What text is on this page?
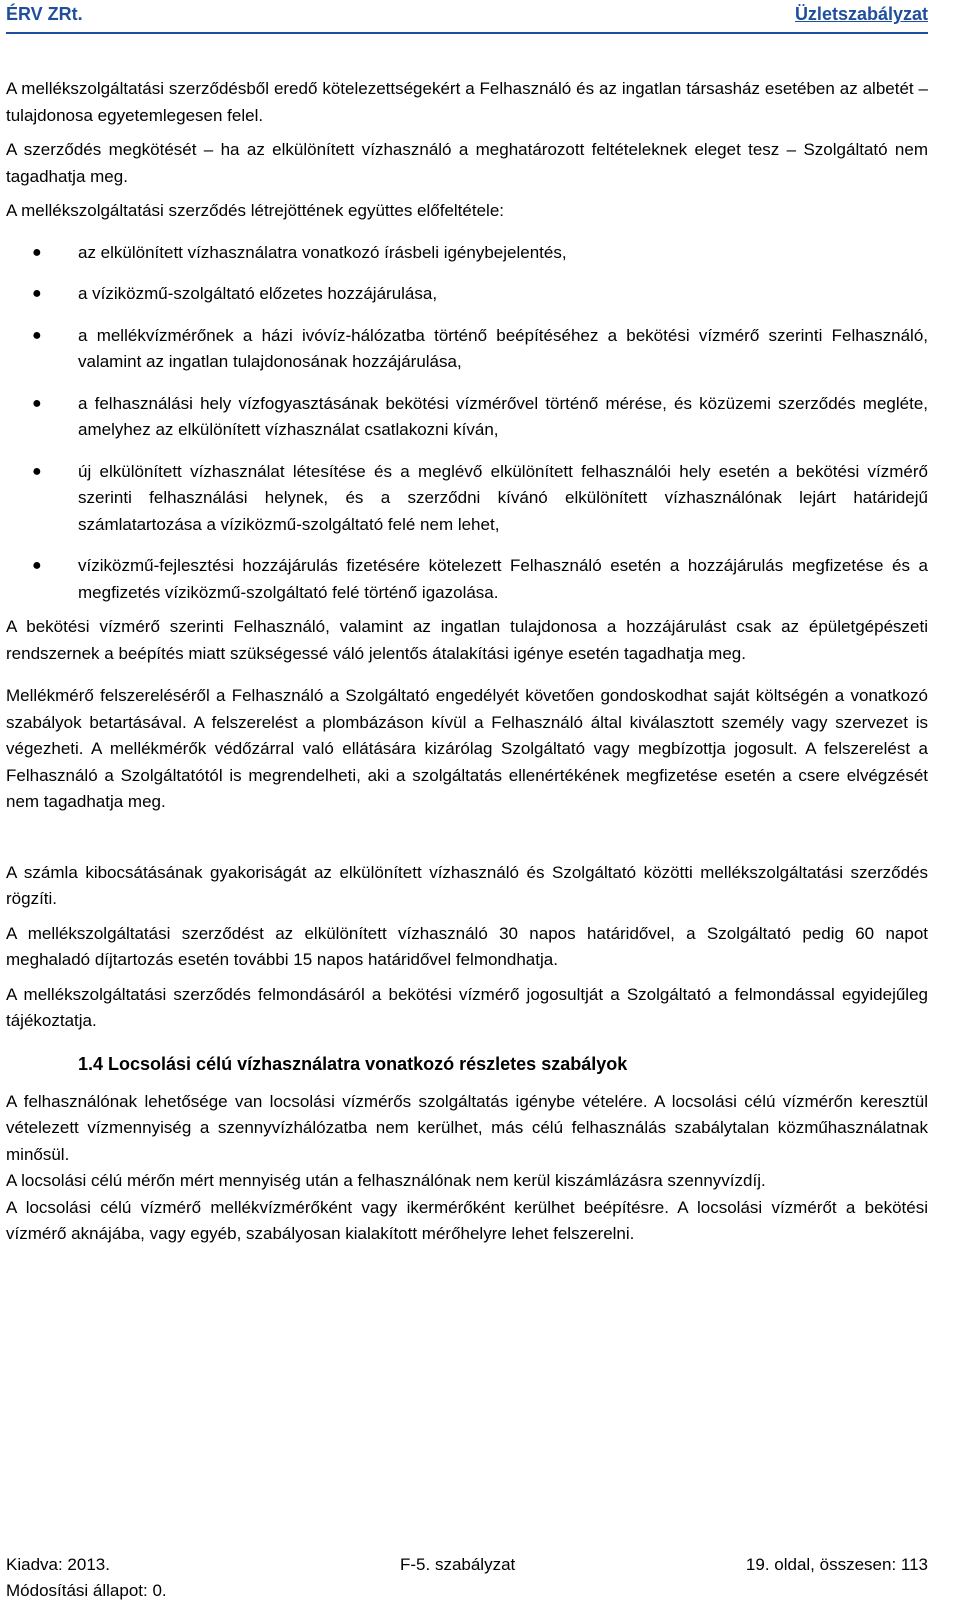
ÉRV ZRt.	Üzletszabályzat

A mellékszolgáltatási szerződésből eredő kötelezettségekért a Felhasználó és az ingatlan társasház esetében az albetét – tulajdonosa egyetemlegesen felel.

A szerződés megkötését – ha az elkülönített vízhasználó a meghatározott feltételeknek eleget tesz – Szolgáltató nem tagadhatja meg.

A mellékszolgáltatási szerződés létrejöttének együttes előfeltétele:

● az elkülönített vízhasználatra vonatkozó írásbeli igénybejelentés,
● a víziközmű-szolgáltató előzetes hozzájárulása,
● a mellékvízmérőnek a házi ivóvíz-hálózatba történő beépítéséhez a bekötési vízmérő szerinti Felhasználó, valamint az ingatlan tulajdonosának hozzájárulása,
● a felhasználási hely vízfogyasztásának bekötési vízmérővel történő mérése, és közüzemi szerződés megléte, amelyhez az elkülönített vízhasználat csatlakozni kíván,
● új elkülönített vízhasználat létesítése és a meglévő elkülönített felhasználói hely esetén a bekötési vízmérő szerinti felhasználási helynek, és a szerződni kívánó elkülönített vízhasználónak lejárt határidejű számlatartozása a víziközmű-szolgáltató felé nem lehet,
● víziközmű-fejlesztési hozzájárulás fizetésére kötelezett Felhasználó esetén a hozzájárulás megfizetése és a megfizetés víziközmű-szolgáltató felé történő igazolása.

A bekötési vízmérő szerinti Felhasználó, valamint az ingatlan tulajdonosa a hozzájárulást csak az épületgépészeti rendszernek a beépítés miatt szükségessé váló jelentős átalakítási igénye esetén tagadhatja meg.

Mellékmérő felszereléséről a Felhasználó a Szolgáltató engedélyét követően gondoskodhat saját költségén a vonatkozó szabályok betartásával. A felszerelést a plombázáson kívül a Felhasználó által kiválasztott személy vagy szervezet is végezheti. A mellékmérők védőzárral való ellátására kizárólag Szolgáltató vagy megbízottja jogosult. A felszerelést a Felhasználó a Szolgáltatótól is megrendelheti, aki a szolgáltatás ellenértékének megfizetése esetén a csere elvégzését nem tagadhatja meg.

A számla kibocsátásának gyakoriságát az elkülönített vízhasználó és Szolgáltató közötti mellékszolgáltatási szerződés rögzíti.

A mellékszolgáltatási szerződést az elkülönített vízhasználó 30 napos határidővel, a Szolgáltató pedig 60 napot meghaladó díjtartozás esetén további 15 napos határidővel felmondhatja.

A mellékszolgáltatási szerződés felmondásáról a bekötési vízmérő jogosultját a Szolgáltató a felmondással egyidejűleg tájékoztatja.

1.4 Locsolási célú vízhasználatra vonatkozó részletes szabályok

A felhasználónak lehetősége van locsolási vízmérős szolgáltatás igénybe vételére. A locsolási célú vízmérőn keresztül vételezett vízmennyiség a szennyvízhálózatba nem kerülhet, más célú felhasználás szabálytalan közműhasználatnak minősül.

A locsolási célú mérőn mért mennyiség után a felhasználónak nem kerül kiszámlázásra szennyvízdíj.

A locsolási célú vízmérő mellékvízmérőként vagy ikermérőként kerülhet beépítésre. A locsolási vízmérőt a bekötési vízmérő aknájába, vagy egyéb, szabályosan kialakított mérőhelyre lehet felszerelni.

Kiadva: 2013.	F-5. szabályzat	19. oldal, összesen: 113
Módosítási állapot: 0.
